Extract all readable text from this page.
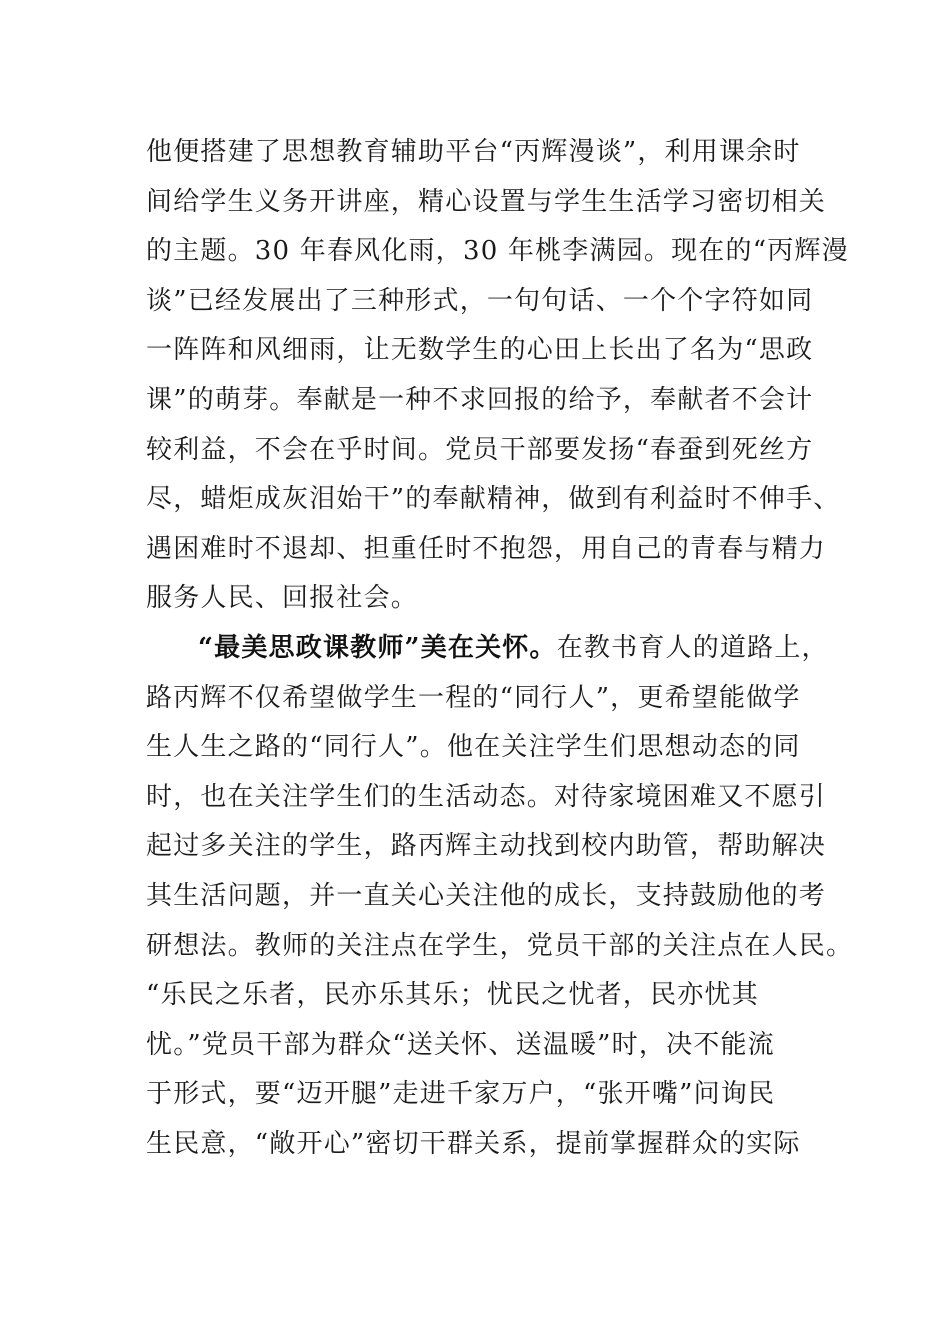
他便搭建了思想教育辅助平台“丙辉漫谈”，利用课余时
间给学生义务开讲座，精心设置与学生生活学习密切相关
的主题。30 年春风化雨，30 年桃李满园。现在的“丙辉漫
谈”已经发展出了三种形式，一句句话、一个个字符如同
一阵阵和风细雨，让无数学生的心田上长出了名为“思政
课”的萌芽。奉献是一种不求回报的给予，奉献者不会计
较利益，不会在乎时间。党员干部要发扬“春蚕到死丝方
尽，蜡炬成灰泪始干”的奉献精神，做到有利益时不伸手、
遇困难时不退却、担重任时不抱怨，用自己的青春与精力
服务人民、回报社会。
“最美思政课教师”美在关怀。在教书育人的道路上，
路丙辉不仅希望做学生一程的“同行人”，更希望能做学
生人生之路的“同行人”。他在关注学生们思想动态的同
时，也在关注学生们的生活动态。对待家境困难又不愿引
起过多关注的学生，路丙辉主动找到校内助管，帮助解决
其生活问题，并一直关心关注他的成长，支持鼓励他的考
研想法。教师的关注点在学生，党员干部的关注点在人民。
“乐民之乐者，民亦乐其乐；忧民之忧者，民亦忧其
忧。”党员干部为群众“送关怀、送温暖”时，决不能流
于形式，要“迈开腿”走进千家万户，“张开嘴”问询民
生民意，“敞开心”密切干群关系，提前掌握群众的实际
